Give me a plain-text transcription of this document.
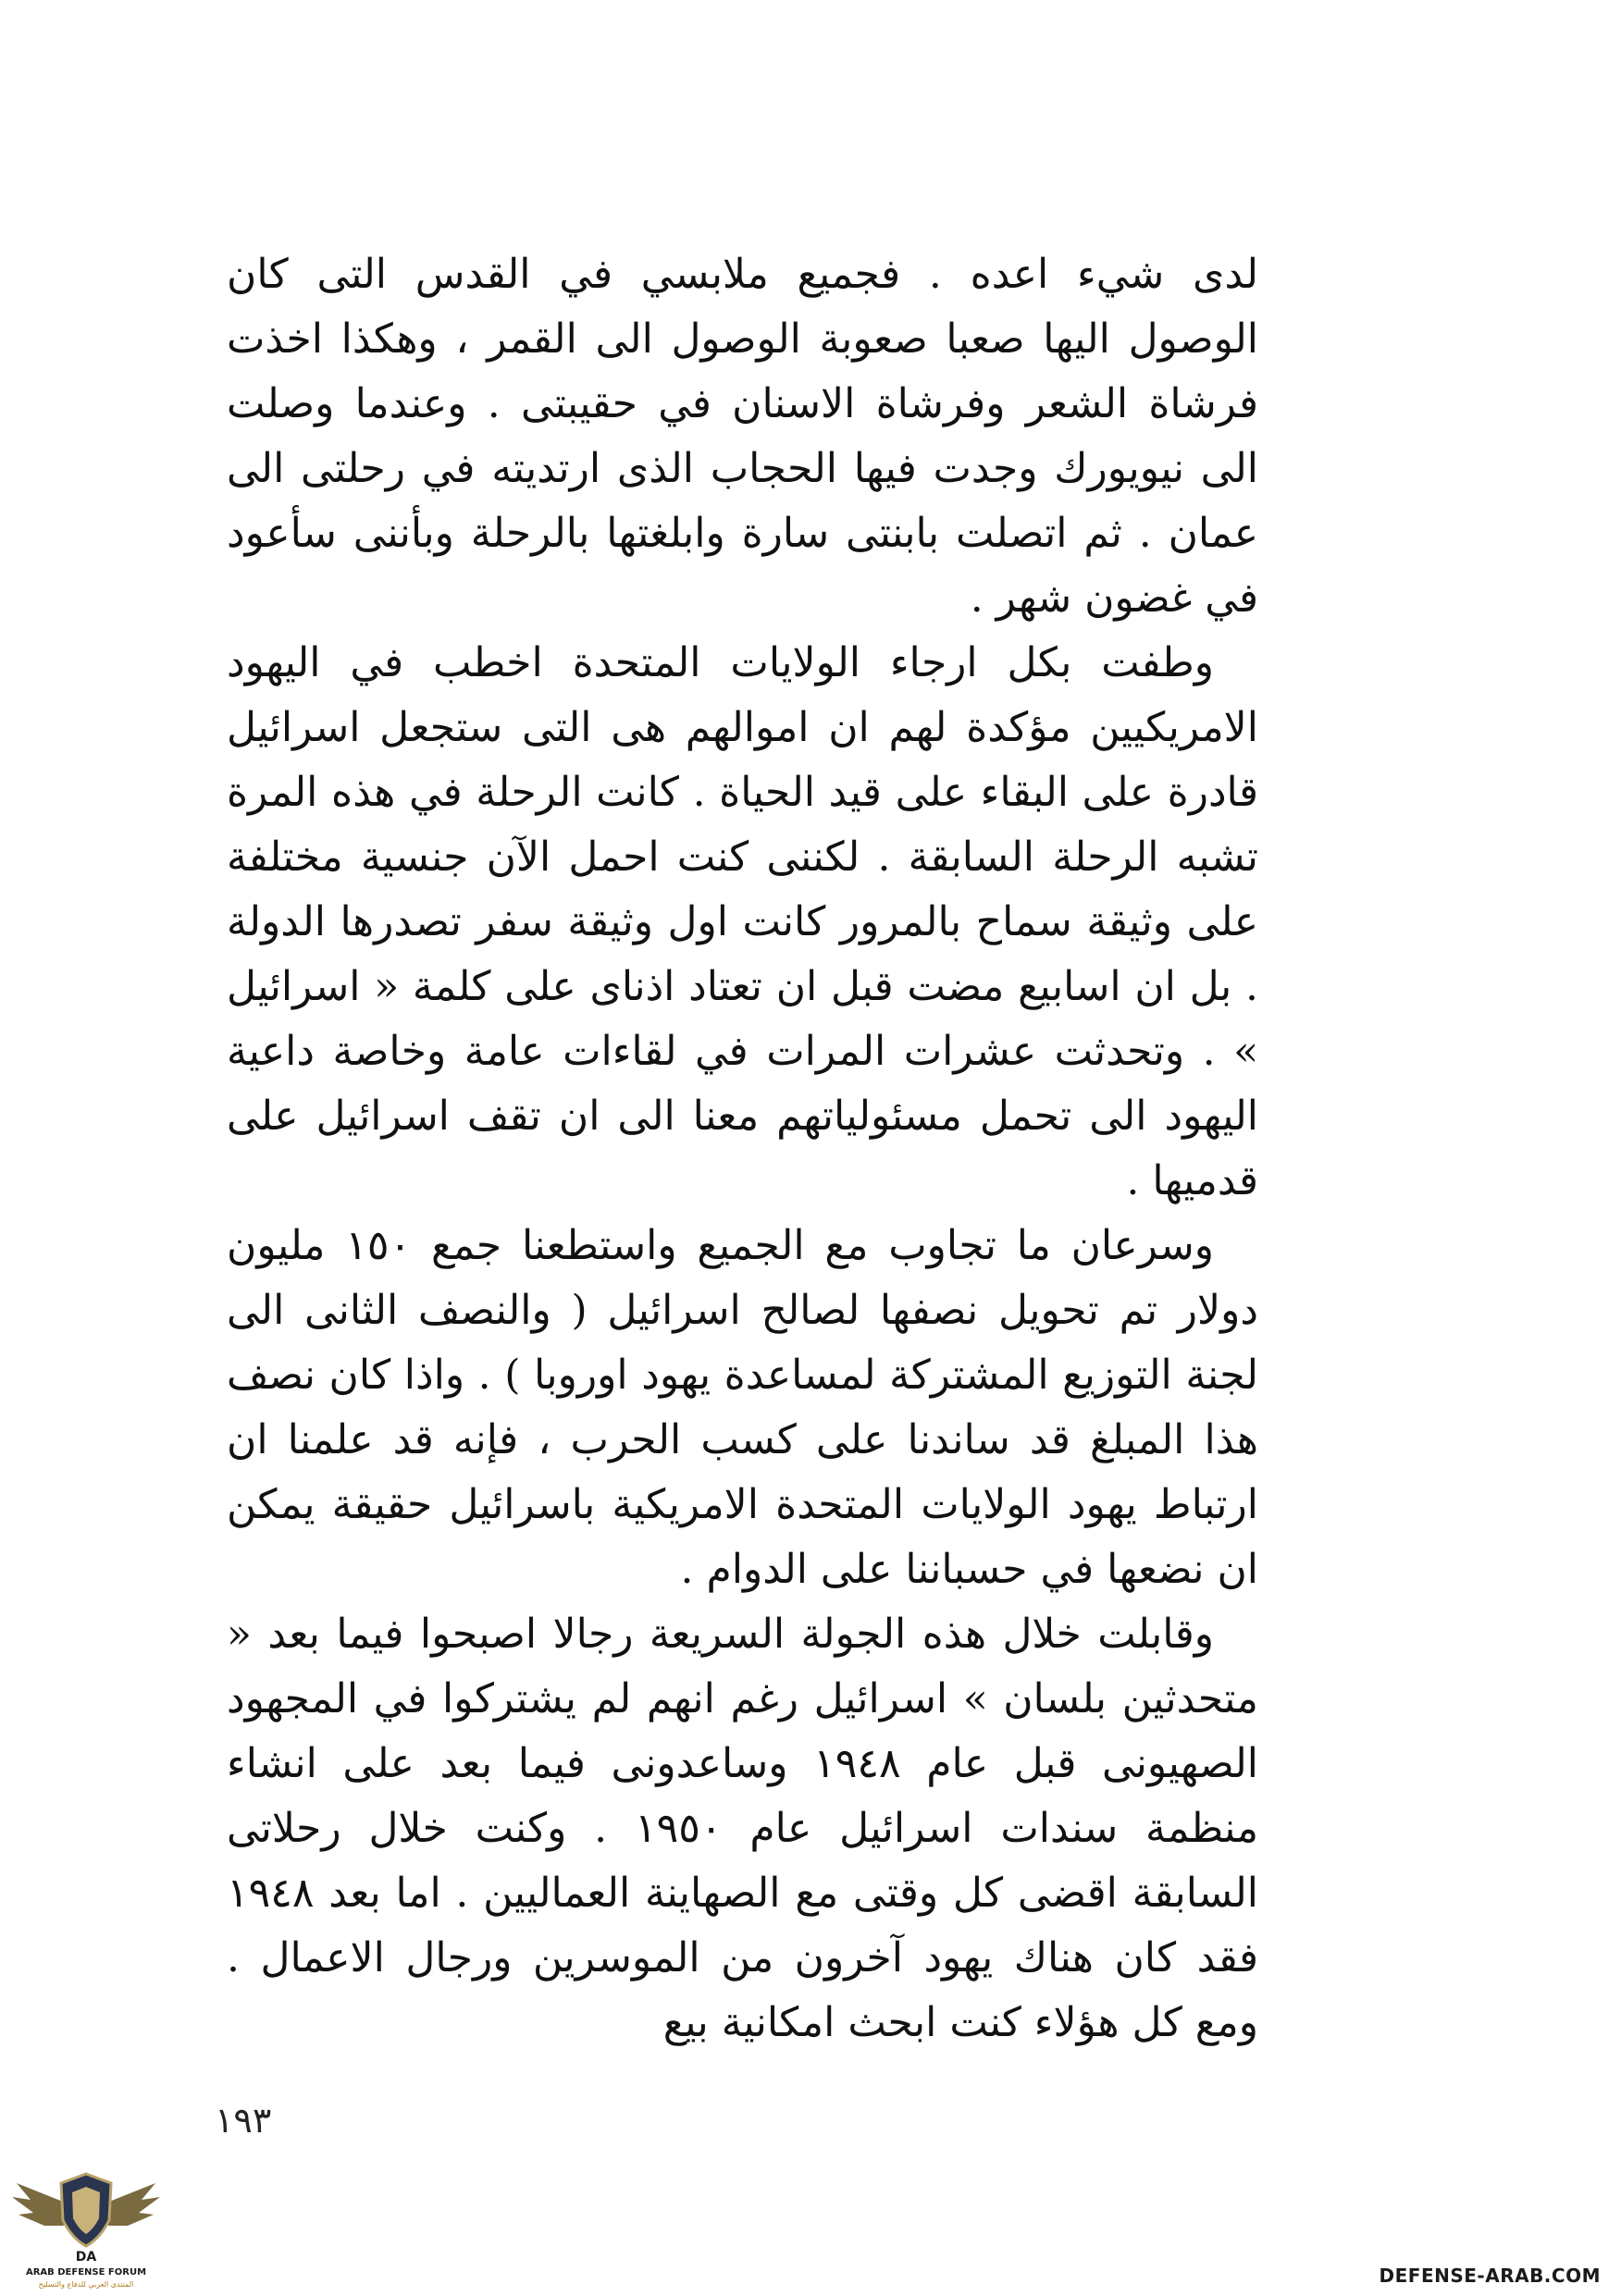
لدى شيء اعده . فجميع ملابسي في القدس التى كان الوصول اليها صعبا صعوبة الوصول الى القمر ، وهكذا اخذت فرشاة الشعر وفرشاة الاسنان في حقيبتى . وعندما وصلت الى نيويورك وجدت فيها الحجاب الذى ارتديته في رحلتى الى عمان . ثم اتصلت بابنتى سارة وابلغتها بالرحلة وبأننى سأعود في غضون شهر .

وطفت بكل ارجاء الولايات المتحدة اخطب في اليهود الامريكيين مؤكدة لهم ان اموالهم هى التى ستجعل اسرائيل قادرة على البقاء على قيد الحياة . كانت الرحلة في هذه المرة تشبه الرحلة السابقة . لكننى كنت احمل الآن جنسية مختلفة على وثيقة سماح بالمرور كانت اول وثيقة سفر تصدرها الدولة . بل ان اسابيع مضت قبل ان تعتاد اذناى على كلمة « اسرائيل » . وتحدثت عشرات المرات في لقاءات عامة وخاصة داعية اليهود الى تحمل مسئولياتهم معنا الى ان تقف اسرائيل على قدميها .

وسرعان ما تجاوب مع الجميع واستطعنا جمع ١٥٠ مليون دولار تم تحويل نصفها لصالح اسرائيل ( والنصف الثانى الى لجنة التوزيع المشتركة لمساعدة يهود اوروبا ) . واذا كان نصف هذا المبلغ قد ساندنا على كسب الحرب ، فإنه قد علمنا ان ارتباط يهود الولايات المتحدة الامريكية باسرائيل حقيقة يمكن ان نضعها في حسباننا على الدوام .

وقابلت خلال هذه الجولة السريعة رجالا اصبحوا فيما بعد « متحدثين بلسان » اسرائيل رغم انهم لم يشتركوا في المجهود الصهيونى قبل عام ١٩٤٨ وساعدونى فيما بعد على انشاء منظمة سندات اسرائيل عام ١٩٥٠ . وكنت خلال رحلاتى السابقة اقضى كل وقتى مع الصهاينة العماليين . اما بعد ١٩٤٨ فقد كان هناك يهود آخرون من الموسرين ورجال الاعمال . ومع كل هؤلاء كنت ابحث امكانية بيع

١٩٣
DA
ARAB DEFENSE FORUM
المنتدى العربي للدفاع والتسليح	DEFENSE-ARAB.COM
